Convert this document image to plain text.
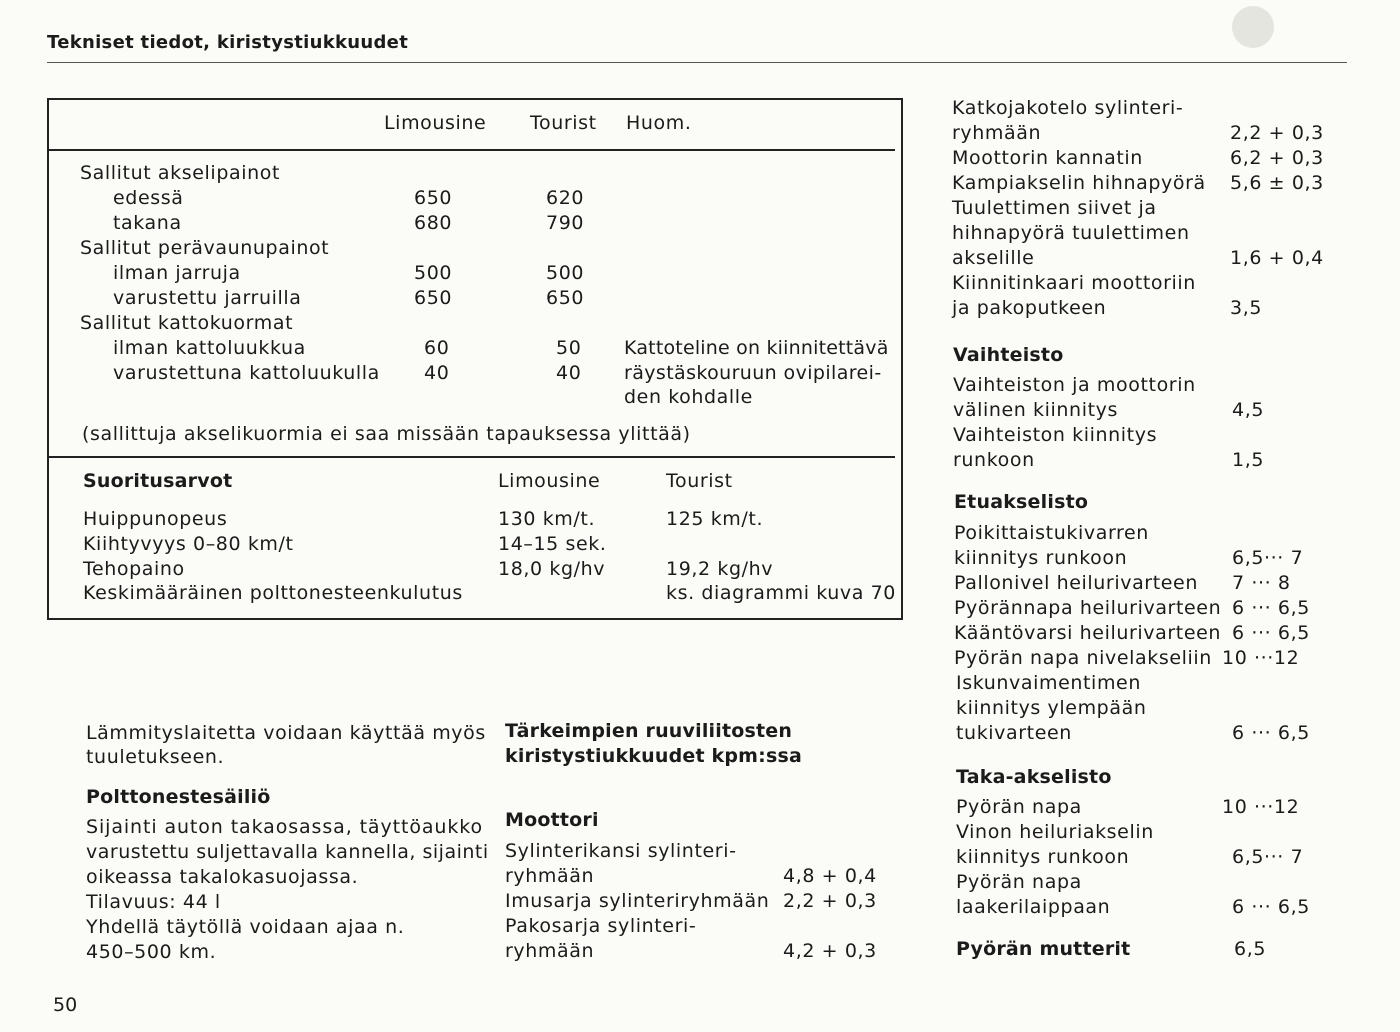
Tekniset tiedot, kiristystiukkuudet
Limousine Tourist Huom.
Sallitut akselipainot
edessä	650	620
takana	680	790
Sallitut perävaunupainot
ilman jarruja	500	500
varustettu jarruilla	650	650
Sallitut kattokuormat
ilman kattoluukkua	60	50 Kattoteline on kiinnitettävä
varustettuna kattoluukulla 40	40 räystäskouruun ovipilarei-
den kohdalle
(sallittuja akselikuormia ei saa missään tapauksessa ylittää)
Suoritusarvot	Limousine	Tourist
Huippunopeus	130 km/t.	125 km/t.
Kiihtyvyys 0–80 km/t	14–15 sek.
Tehopaino	18,0 kg/hv	19,2 kg/hv
Keskimääräinen polttonesteenkulutus	ks. diagrammi kuva 70
Lämmityslaitetta voidaan käyttää myös
tuuletukseen.
Polttonestesäiliö
Sijainti auton takaosassa, täyttöaukko
varustettu suljettavalla kannella, sijainti
oikeassa takalokasuojassa.
Tilavuus: 44 l
Yhdellä täytöllä voidaan ajaa n.
450–500 km.
Tärkeimpien ruuviliitosten
kiristystiukkuudet kpm:ssa
Moottori
Sylinterikansi sylinteri-
ryhmään	4,8 + 0,4
Imusarja sylinteriryhmään 2,2 + 0,3
Pakosarja sylinteri-
ryhmään	4,2 + 0,3
Katkojakotelo sylinteri-
ryhmään	2,2 + 0,3
Moottorin kannatin	6,2 + 0,3
Kampiakselin hihnapyörä 5,6 ± 0,3
Tuulettimen siivet ja
hihnapyörä tuulettimen
akselille	1,6 + 0,4
Kiinnitinkaari moottoriin
ja pakoputkeen	3,5
Vaihteisto
Vaihteiston ja moottorin
välinen kiinnitys	4,5
Vaihteiston kiinnitys
runkoon	1,5
Etuakselisto
Poikittaistukivarren
kiinnitys runkoon	6,5··· 7
Pallonivel heilurivarteen 7 ··· 8
Pyörännapa heilurivarteen 6 ··· 6,5
Kääntövarsi heilurivarteen 6 ··· 6,5
Pyörän napa nivelakseliin 10 ···12
Iskunvaimentimen
kiinnitys ylempään
tukivarteen	6 ··· 6,5
Taka-akselisto
Pyörän napa	10 ···12
Vinon heiluriakselin
kiinnitys runkoon	6,5··· 7
Pyörän napa
laakerilaippaan	6 ··· 6,5
Pyörän mutterit	6,5
50
